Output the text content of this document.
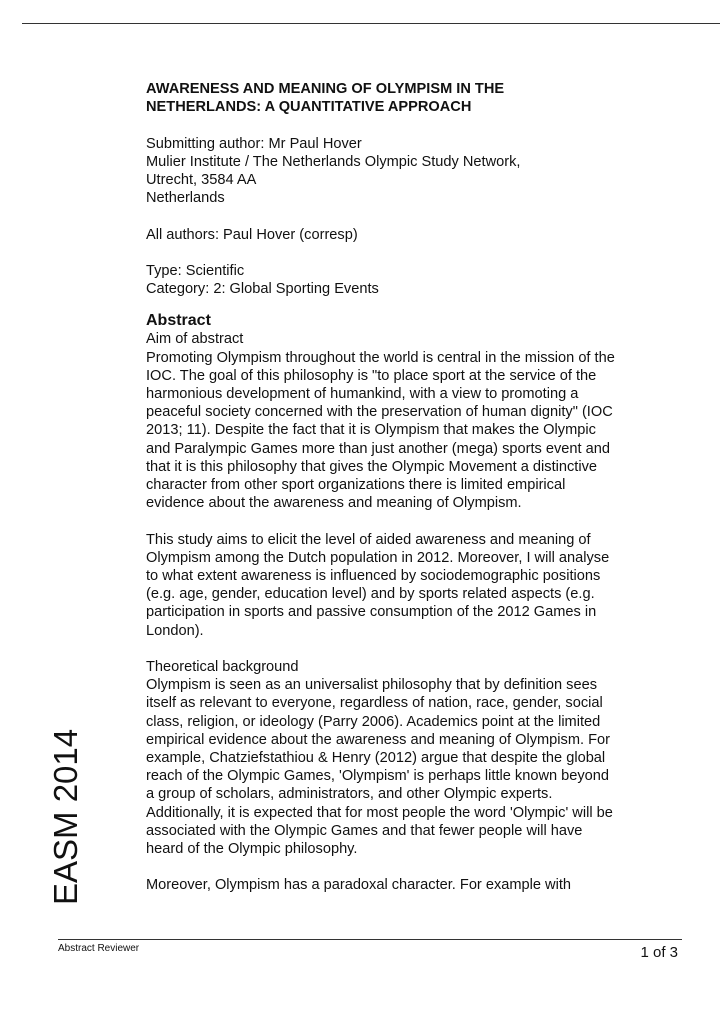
AWARENESS AND MEANING OF OLYMPISM IN THE
NETHERLANDS: A QUANTITATIVE APPROACH
Submitting author: Mr Paul Hover
Mulier Institute / The Netherlands Olympic Study Network,
Utrecht, 3584 AA
Netherlands
All authors: Paul Hover (corresp)
Type: Scientific
Category: 2: Global Sporting Events
Abstract
Aim of abstract
Promoting Olympism throughout the world is central in the mission of the
IOC. The goal of this philosophy is "to place sport at the service of the
harmonious development of humankind, with a view to promoting a
peaceful society concerned with the preservation of human dignity" (IOC
2013; 11). Despite the fact that it is Olympism that makes the Olympic
and Paralympic Games more than just another (mega) sports event and
that it is this philosophy that gives the Olympic Movement a distinctive
character from other sport organizations there is limited empirical
evidence about the awareness and meaning of Olympism.
This study aims to elicit the level of aided awareness and meaning of
Olympism among the Dutch population in 2012. Moreover, I will analyse
to what extent awareness is influenced by sociodemographic positions
(e.g. age, gender, education level) and by sports related aspects (e.g.
participation in sports and passive consumption of the 2012 Games in
London).
Theoretical background
Olympism is seen as an universalist philosophy that by definition sees
itself as relevant to everyone, regardless of nation, race, gender, social
class, religion, or ideology (Parry 2006). Academics point at the limited
empirical evidence about the awareness and meaning of Olympism. For
example, Chatziefstathiou & Henry (2012) argue that despite the global
reach of the Olympic Games, 'Olympism' is perhaps little known beyond
a group of scholars, administrators, and other Olympic experts.
Additionally, it is expected that for most people the word 'Olympic' will be
associated with the Olympic Games and that fewer people will have
heard of the Olympic philosophy.
Moreover, Olympism has a paradoxal character. For example with
EASM 2014
Abstract Reviewer	1 of 3
